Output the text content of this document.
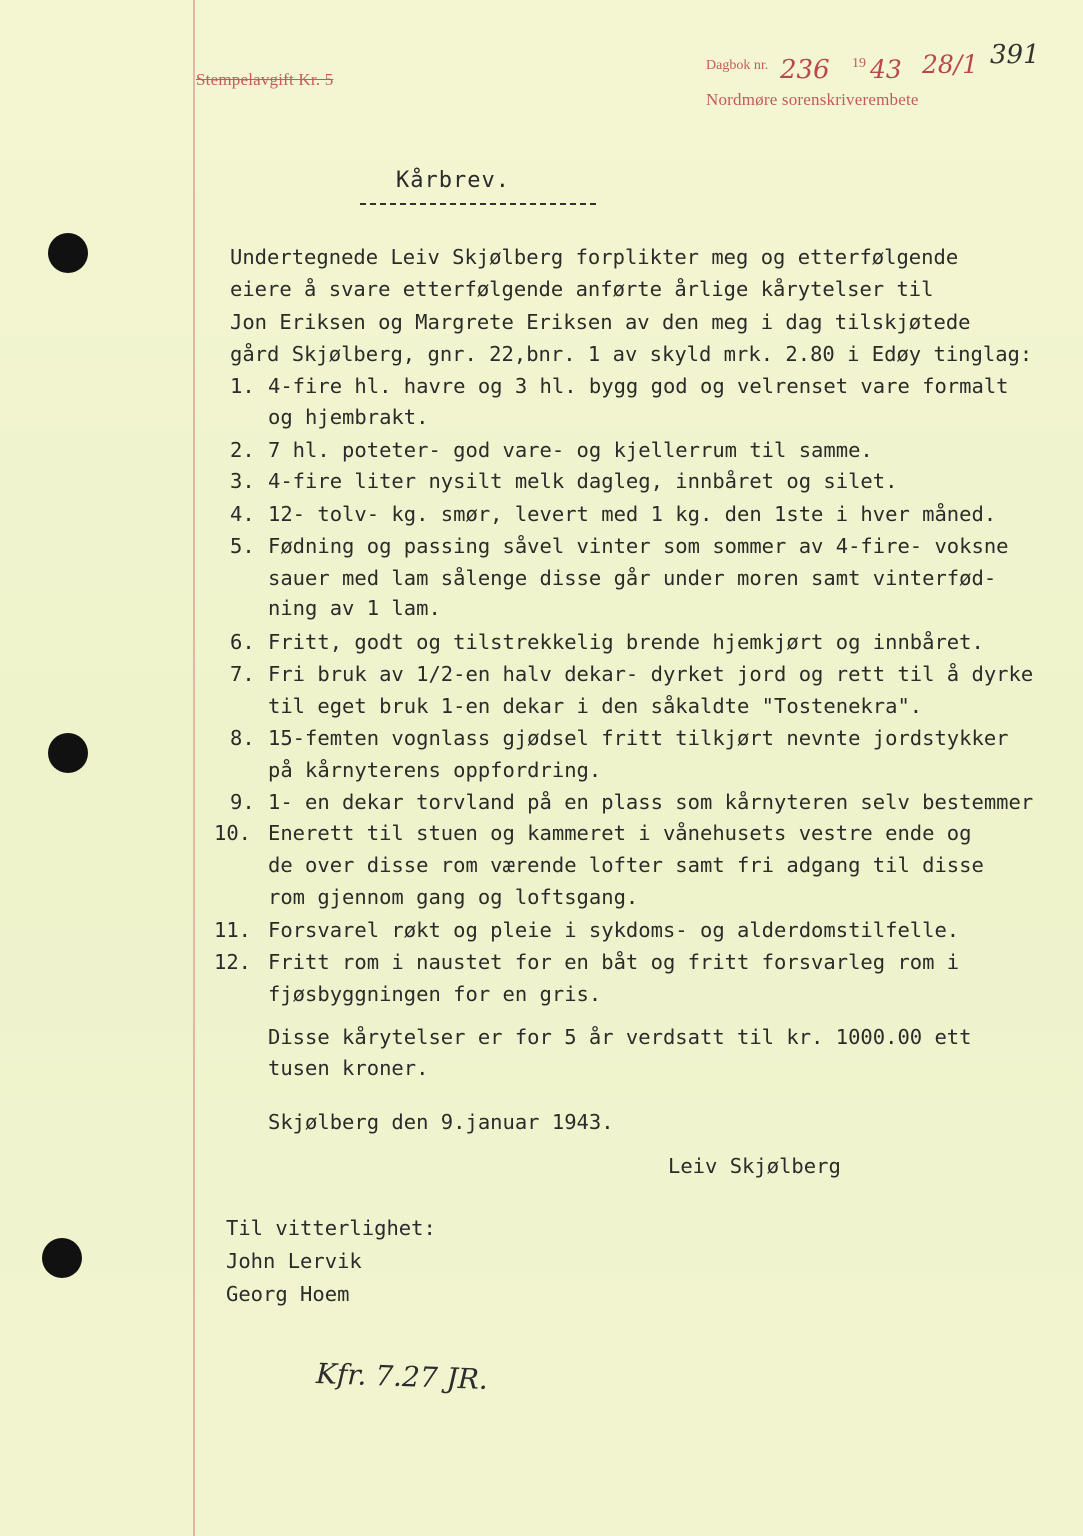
Stempelavgift Kr. 5
Dagbok nr. 236 19 43 28/1
Nordmøre sorenskriverembete
391
Kårbrev.
Undertegnede Leiv Skjølberg forplikter meg og etterfølgende
eiere å svare etterfølgende anførte årlige kårytelser til
Jon Eriksen og Margrete Eriksen av den meg i dag tilskjøtede
gård Skjølberg, gnr. 22,bnr. 1 av skyld mrk. 2.80 i Edøy tinglag:
1. 4-fire hl. havre og 3 hl. bygg god og velrenset vare formalt
og hjembrakt.
2. 7 hl. poteter- god vare- og kjellerrum til samme.
3. 4-fire liter nysilt melk dagleg, innbåret og silet.
4. 12- tolv- kg. smør, levert med 1 kg. den 1ste i hver måned.
5. Fødning og passing såvel vinter som sommer av 4-fire- voksne
sauer med lam sålenge disse går under moren samt vinterfød-
ning av 1 lam.
6. Fritt, godt og tilstrekkelig brende hjemkjørt og innbåret.
7. Fri bruk av 1/2-en halv dekar- dyrket jord og rett til å dyrke
til eget bruk 1-en dekar i den såkaldte "Tostenekra".
8. 15-femten vognlass gjødsel fritt tilkjørt nevnte jordstykker
på kårnyterens oppfordring.
9. 1- en dekar torvland på en plass som kårnyteren selv bestemmer
10. Enerett til stuen og kammeret i vånehusets vestre ende og
de over disse rom værende lofter samt fri adgang til disse
rom gjennom gang og loftsgang.
11. Forsvarel røkt og pleie i sykdoms- og alderdomstilfelle.
12. Fritt rom i naustet for en båt og fritt forsvarleg rom i
fjøsbyggningen for en gris.
Disse kårytelser er for 5 år verdsatt til kr. 1000.00 ett
tusen kroner.
Skjølberg den 9.januar 1943.
Leiv Skjølberg
Til vitterlighet:
John Lervik
Georg Hoem
Kfr. 7.27 JR.
